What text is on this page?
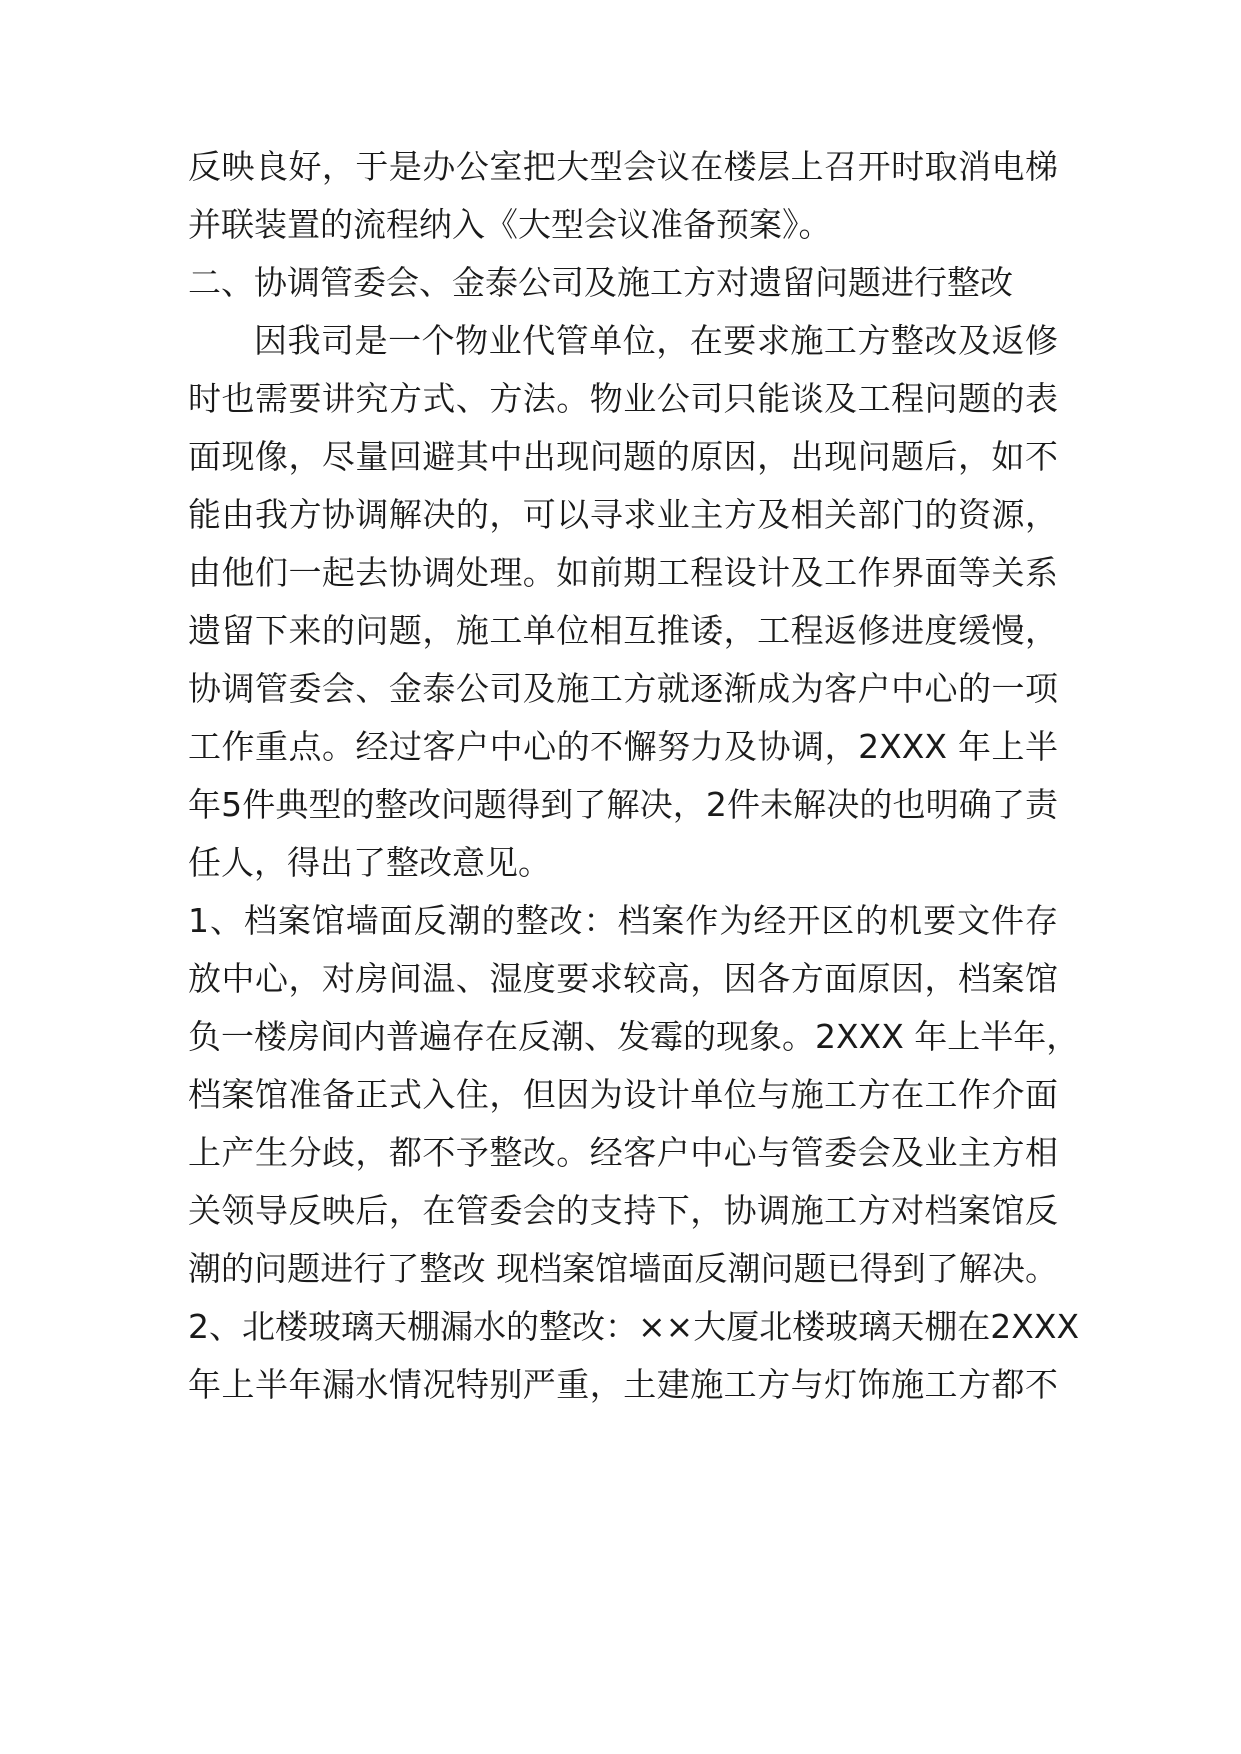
反映良好，于是办公室把大型会议在楼层上召开时取消电梯
并联装置的流程纳入《大型会议准备预案》。
二、协调管委会、金泰公司及施工方对遗留问题进行整改
因我司是一个物业代管单位，在要求施工方整改及返修
时也需要讲究方式、方法。物业公司只能谈及工程问题的表
面现像，尽量回避其中出现问题的原因，出现问题后，如不
能由我方协调解决的，可以寻求业主方及相关部门的资源，
由他们一起去协调处理。如前期工程设计及工作界面等关系
遗留下来的问题，施工单位相互推诿，工程返修进度缓慢，
协调管委会、金泰公司及施工方就逐渐成为客户中心的一项
工作重点。经过客户中心的不懈努力及协调，2XXX 年上半
年5件典型的整改问题得到了解决，2件未解决的也明确了责
任人，得出了整改意见。
1、档案馆墙面反潮的整改：档案作为经开区的机要文件存
放中心，对房间温、湿度要求较高，因各方面原因，档案馆
负一楼房间内普遍存在反潮、发霉的现象。2XXX 年上半年，
档案馆准备正式入住，但因为设计单位与施工方在工作介面
上产生分歧，都不予整改。经客户中心与管委会及业主方相
关领导反映后，在管委会的支持下，协调施工方对档案馆反
潮的问题进行了整改 现档案馆墙面反潮问题已得到了解决。
2、北楼玻璃天棚漏水的整改：××大厦北楼玻璃天棚在2XXX
年上半年漏水情况特别严重，土建施工方与灯饰施工方都不
